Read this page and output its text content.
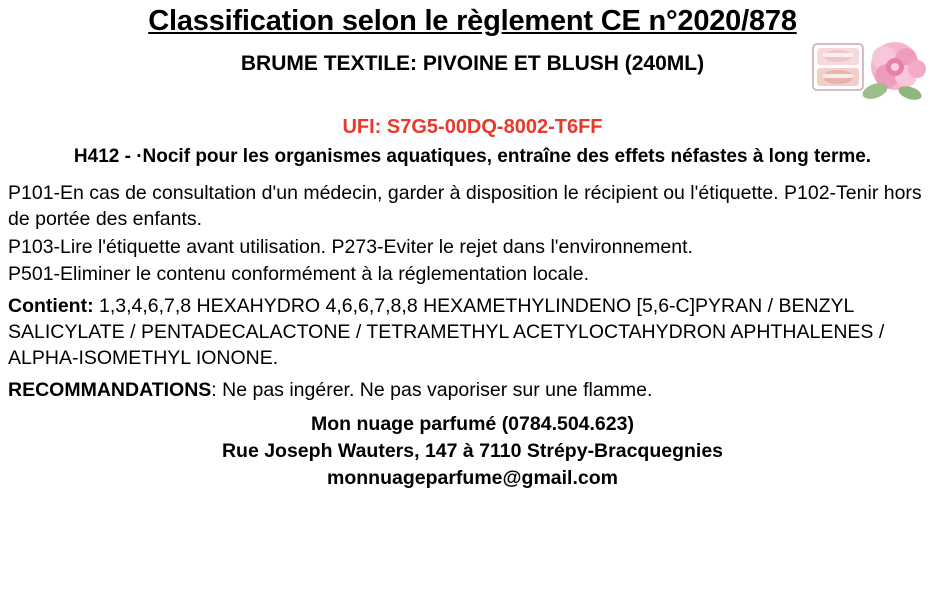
Classification selon le règlement CE n°2020/878
BRUME TEXTILE: PIVOINE ET BLUSH (240ML)
UFI: S7G5-00DQ-8002-T6FF
H412 - ·Nocif pour les organismes aquatiques, entraîne des effets néfastes à long terme.

P101-En cas de consultation d'un médecin, garder à disposition le récipient ou l'étiquette. P102-Tenir hors de portée des enfants.

P103-Lire l'étiquette avant utilisation. P273-Eviter le rejet dans l'environnement.

P501-Eliminer le contenu conformément à la réglementation locale.

Contient: 1,3,4,6,7,8 HEXAHYDRO 4,6,6,7,8,8 HEXAMETHYLINDENO [5,6-C]PYRAN / BENZYL SALICYLATE / PENTADECALACTONE / TETRAMETHYL ACETYLOCTAHYDRON APHTHALENES / ALPHA-ISOMETHYL IONONE.
RECOMMANDATIONS: Ne pas ingérer. Ne pas vaporiser sur une flamme.
Mon nuage parfumé (0784.504.623)
Rue Joseph Wauters, 147 à 7110 Strépy-Bracquegnies
monnuageparfume@gmail.com
